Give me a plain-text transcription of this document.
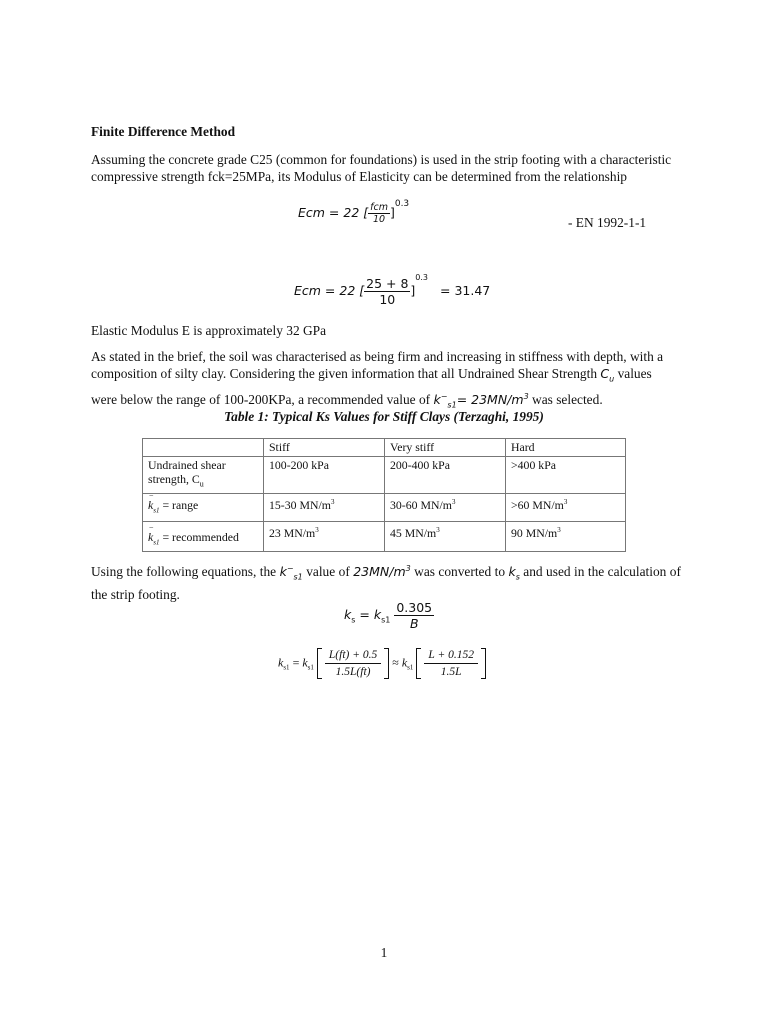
Finite Difference Method
Assuming the concrete grade C25 (common for foundations) is used in the strip footing with a characteristic compressive strength fck=25MPa, its Modulus of Elasticity can be determined from the relationship
Ecm = 22 [ $\frac{\text{fcm}}{10} ]^{0.3}$
- EN 1992-1-1
Ecm = 22 [ $\frac{25 + 8}{10} ]^{0.3} = 31.47$
Elastic Modulus E is approximately 32 GPa
As stated in the brief, the soil was characterised as being firm and increasing in stiffness with depth, with a composition of silty clay. Considering the given information that all Undrained Shear Strength $C_u$ values were below the range of 100-200KPa, a recommended value of $k^-_{s1}= 23MN/m^3$ was selected.
Table 1: Typical Ks Values for Stiff Clays (Terzaghi, 1995)
	Stiff	Very stiff	Hard
Undrained shear strength, $C_u$	100-200 kPa	200-400 kPa	>400 kPa

−
$k_{s1}$ = range	15-30 $MN/m^3$	30-60 $MN/m^3$	>60 $MN/m^3$

−
$k_{s1}$ = recommended	23 $MN/m^3$	45 $MN/m^3$	90 $MN/m^3$
Using the following equations, the $k^-_{s1}$ value of $23MN/m^3$ was converted to $k_s$ and used in the calculation of the strip footing.
$k_s = k_{s1} \frac{0.305}{B}$
$k_{s1} = k_{s1} \frac{L(ft) + 0.5}{1.5L(ft)} \approx k_{s1} \frac{L + 0.152}{1.5L}$
1
